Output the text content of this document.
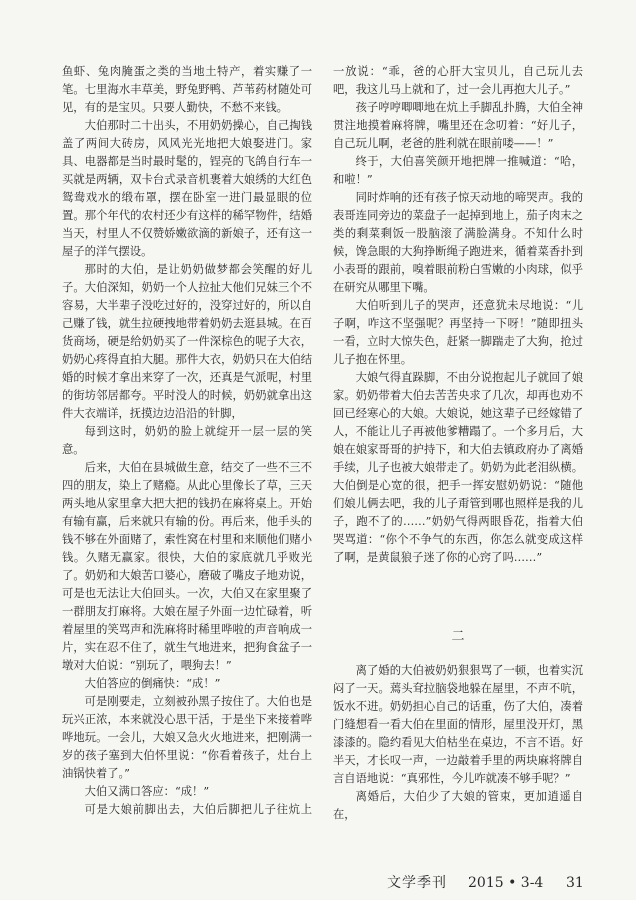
鱼虾、兔肉腌蛋之类的当地土特产，着实赚了一笔。七里海水丰草美，野兔野鸭、芦苇药材随处可见，有的是宝贝。只要人勤快，不愁不来钱。

大伯那时二十出头，不用奶奶操心，自己掏钱盖了两间大砖房，风风光光地把大娘娶进门。家具、电器都是当时最时髦的，锃亮的飞鸽自行车一买就是两辆，双卡台式录音机裹着大娘绣的大红色鸳鸯戏水的缎布罩，摆在卧室一进门最显眼的位置。那个年代的农村还少有这样的稀罕物件，结婚当天，村里人不仅赞娇嫩欲滴的新娘子，还有这一屋子的洋气摆设。

那时的大伯，是让奶奶做梦都会笑醒的好儿子。大伯深知，奶奶一个人拉扯大他们兄妹三个不容易，大半辈子没吃过好的，没穿过好的，所以自己赚了钱，就生拉硬拽地带着奶奶去逛县城。在百货商场，硬是给奶奶买了一件深棕色的呢子大衣，奶奶心疼得直拍大腿。那件大衣，奶奶只在大伯结婚的时候才拿出来穿了一次，还真是气派呢，村里的街坊邻居都夸。平时没人的时候，奶奶就拿出这件大衣端详，抚摸边边沿沿的针脚，

每到这时，奶奶的脸上就绽开一层一层的笑意。

后来，大伯在县城做生意，结交了一些不三不四的朋友，染上了赌瘾。从此心里像长了草，三天两头地从家里拿大把大把的钱扔在麻将桌上。开始有输有赢，后来就只有输的份。再后来，他手头的钱不够在外面赌了，索性窝在村里和来顺他们赌小钱。久赌无赢家。很快，大伯的家底就几乎败光了。奶奶和大娘苦口婆心，磨破了嘴皮子地劝说，可是也无法让大伯回头。一次，大伯又在家里聚了一群朋友打麻将。大娘在屋子外面一边忙碌着，听着屋里的笑骂声和洗麻将时稀里哗啦的声音响成一片，实在忍不住了，就生气地进来，把狗食盆子一墩对大伯说：“别玩了，喂狗去！”

大伯答应的倒痛快：“成！”

可是刚要走，立刻被孙黑子按住了。大伯也是玩兴正浓，本来就没心思干活，于是坐下来接着哗哗地玩。一会儿，大娘又急火火地进来，把刚满一岁的孩子塞到大伯怀里说：“你看着孩子，灶台上油锅快着了。”

大伯又满口答应：“成！”

可是大娘前脚出去，大伯后脚把儿子往炕上

一放说：“乖，爸的心肝大宝贝儿，自己玩儿去吧，我这儿马上就和了，过一会儿再抱大儿子。”

孩子哼哼唧唧地在炕上手脚乱扑腾，大伯全神贯注地摸着麻将牌，嘴里还在念叨着：“好儿子，自己玩儿啊，老爸的胜利就在眼前喽——！”

终于，大伯喜笑颜开地把牌一推喊道：“哈，和啦！”

同时炸响的还有孩子惊天动地的啼哭声。我的表哥连同旁边的菜盘子一起掉到地上，茄子肉末之类的剩菜剩饭一股脑滚了满脸满身。不知什么时候，馋急眼的大狗挣断绳子跑进来，循着菜香扑到小表哥的跟前，嗅着眼前粉白雪嫩的小肉球，似乎在研究从哪里下嘴。

大伯听到儿子的哭声，还意犹未尽地说：“儿子啊，咋这不坚强呢？再坚持一下呀！”随即扭头一看，立时大惊失色，赶紧一脚踹走了大狗，抢过儿子抱在怀里。

大娘气得直跺脚，不由分说抱起儿子就回了娘家。奶奶带着大伯去苦苦央求了几次，却再也劝不回已经寒心的大娘。大娘说，她这辈子已经嫁错了人，不能让儿子再被他爹糟蹋了。一个多月后，大娘在娘家哥哥的护持下，和大伯去镇政府办了离婚手续，儿子也被大娘带走了。奶奶为此老泪纵横。大伯倒是心宽的很，把手一挥安慰奶奶说：“随他们娘儿俩去吧，我的儿子甭管到哪也照样是我的儿子，跑不了的……”奶奶气得两眼昏花，指着大伯哭骂道：“你个不争气的东西，你怎么就变成这样了啊，是黄鼠狼子迷了你的心窍了吗……”

二

离了婚的大伯被奶奶狠狠骂了一顿，也着实沉闷了一天。蔫头耷拉脑袋地躲在屋里，不声不吭，饭水不进。奶奶担心自己的话重，伤了大伯，凑着门缝想看一看大伯在里面的情形，屋里没开灯，黑漆漆的。隐约看见大伯枯坐在桌边，不言不语。好半天，才长叹一声，一边敲着手里的两块麻将牌自言自语地说：“真邪性，今儿咋就凑不够手呢？”

离婚后，大伯少了大娘的管束，更加逍遥自在，

文学季刊 2015 • 3-4 31
